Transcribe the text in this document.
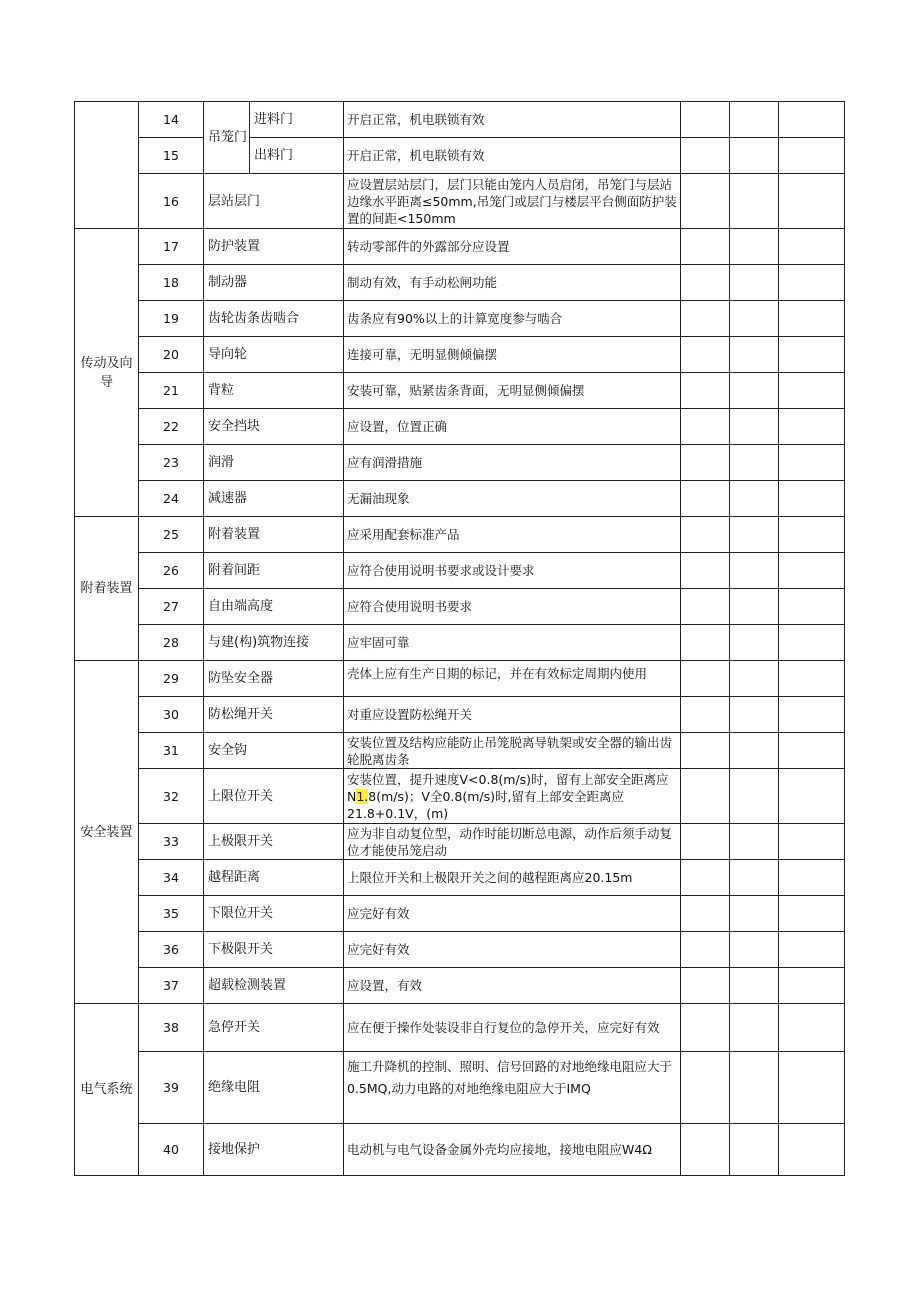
	14	吊笼门	进料门	开启正常，机电联锁有效			
	15		出料门	开启正常，机电联锁有效			
	16	层站层门		应设置层站层门，层门只能由笼内人员启闭，吊笼门与层站边缘水平距离≤50mm,吊笼门或层门与楼层平台侧面防护装置的间距<150mm			
传动及向导	17	防护装置		转动零部件的外露部分应设置			
	18	制动器		制动有效，有手动松闸功能			
	19	齿轮齿条齿啮合		齿条应有90%以上的计算宽度参与啮合			
	20	导向轮		连接可靠，无明显侧倾偏摆			
	21	背粒		安装可靠，贴紧齿条背面，无明显侧倾偏摆			
	22	安全挡块		应设置，位置正确			
	23	润滑		应有润滑措施			
	24	减速器		无漏油现象			
附着装置	25	附着装置		应采用配套标准产品			
	26	附着间距		应符合使用说明书要求或设计要求			
	27	自由端高度		应符合使用说明书要求			
	28	与建(构)筑物连接		应牢固可靠			
安全装置	29	防坠安全器		壳体上应有生产日期的标记，并在有效标定周期内使用			
	30	防松绳开关		对重应设置防松绳开关			
	31	安全钩		安装位置及结构应能防止吊笼脱离导轨架或安全器的输出齿轮脱离齿条			
	32	上限位开关		安装位置，提升速度V<0.8(m/s)时，留有上部安全距离应N1.8(m/s)；V全0.8(m/s)时,留有上部安全距离应21.8+0.1V，(m)			
	33	上极限开关		应为非自动复位型，动作时能切断总电源，动作后须手动复位才能使吊笼启动			
	34	越程距离		上限位开关和上极限开关之间的越程距离应20.15m			
	35	下限位开关		应完好有效			
	36	下极限开关		应完好有效			
	37	超载检测装置		应设置，有效			
电气系统	38	急停开关		应在便于操作处装设非自行复位的急停开关，应完好有效			
	39	绝缘电阻		施工升降机的控制、照明、信号回路的对地绝缘电阻应大于0.5MQ,动力电路的对地绝缘电阻应大于IMQ			
	40	接地保护		电动机与电气设备金属外壳均应接地，接地电阻应W4Ω			
